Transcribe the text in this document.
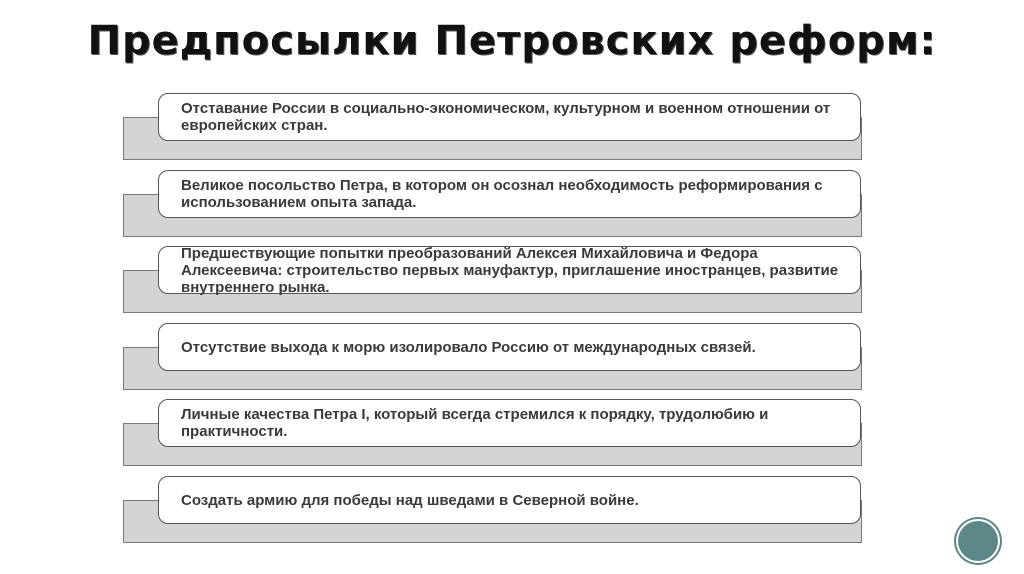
Предпосылки Петровских реформ:
Отставание России в социально-экономическом, культурном и военном отношении от европейских стран.
Великое посольство Петра, в котором он осознал необходимость реформирования с использованием опыта запада.
Предшествующие попытки преобразований Алексея Михайловича и Федора Алексеевича: строительство первых мануфактур, приглашение иностранцев, развитие внутреннего рынка.
Отсутствие выхода к морю изолировало Россию от международных связей.
Личные качества Петра I, который всегда стремился к порядку, трудолюбию и практичности.
Создать армию для победы над шведами в Северной войне.
